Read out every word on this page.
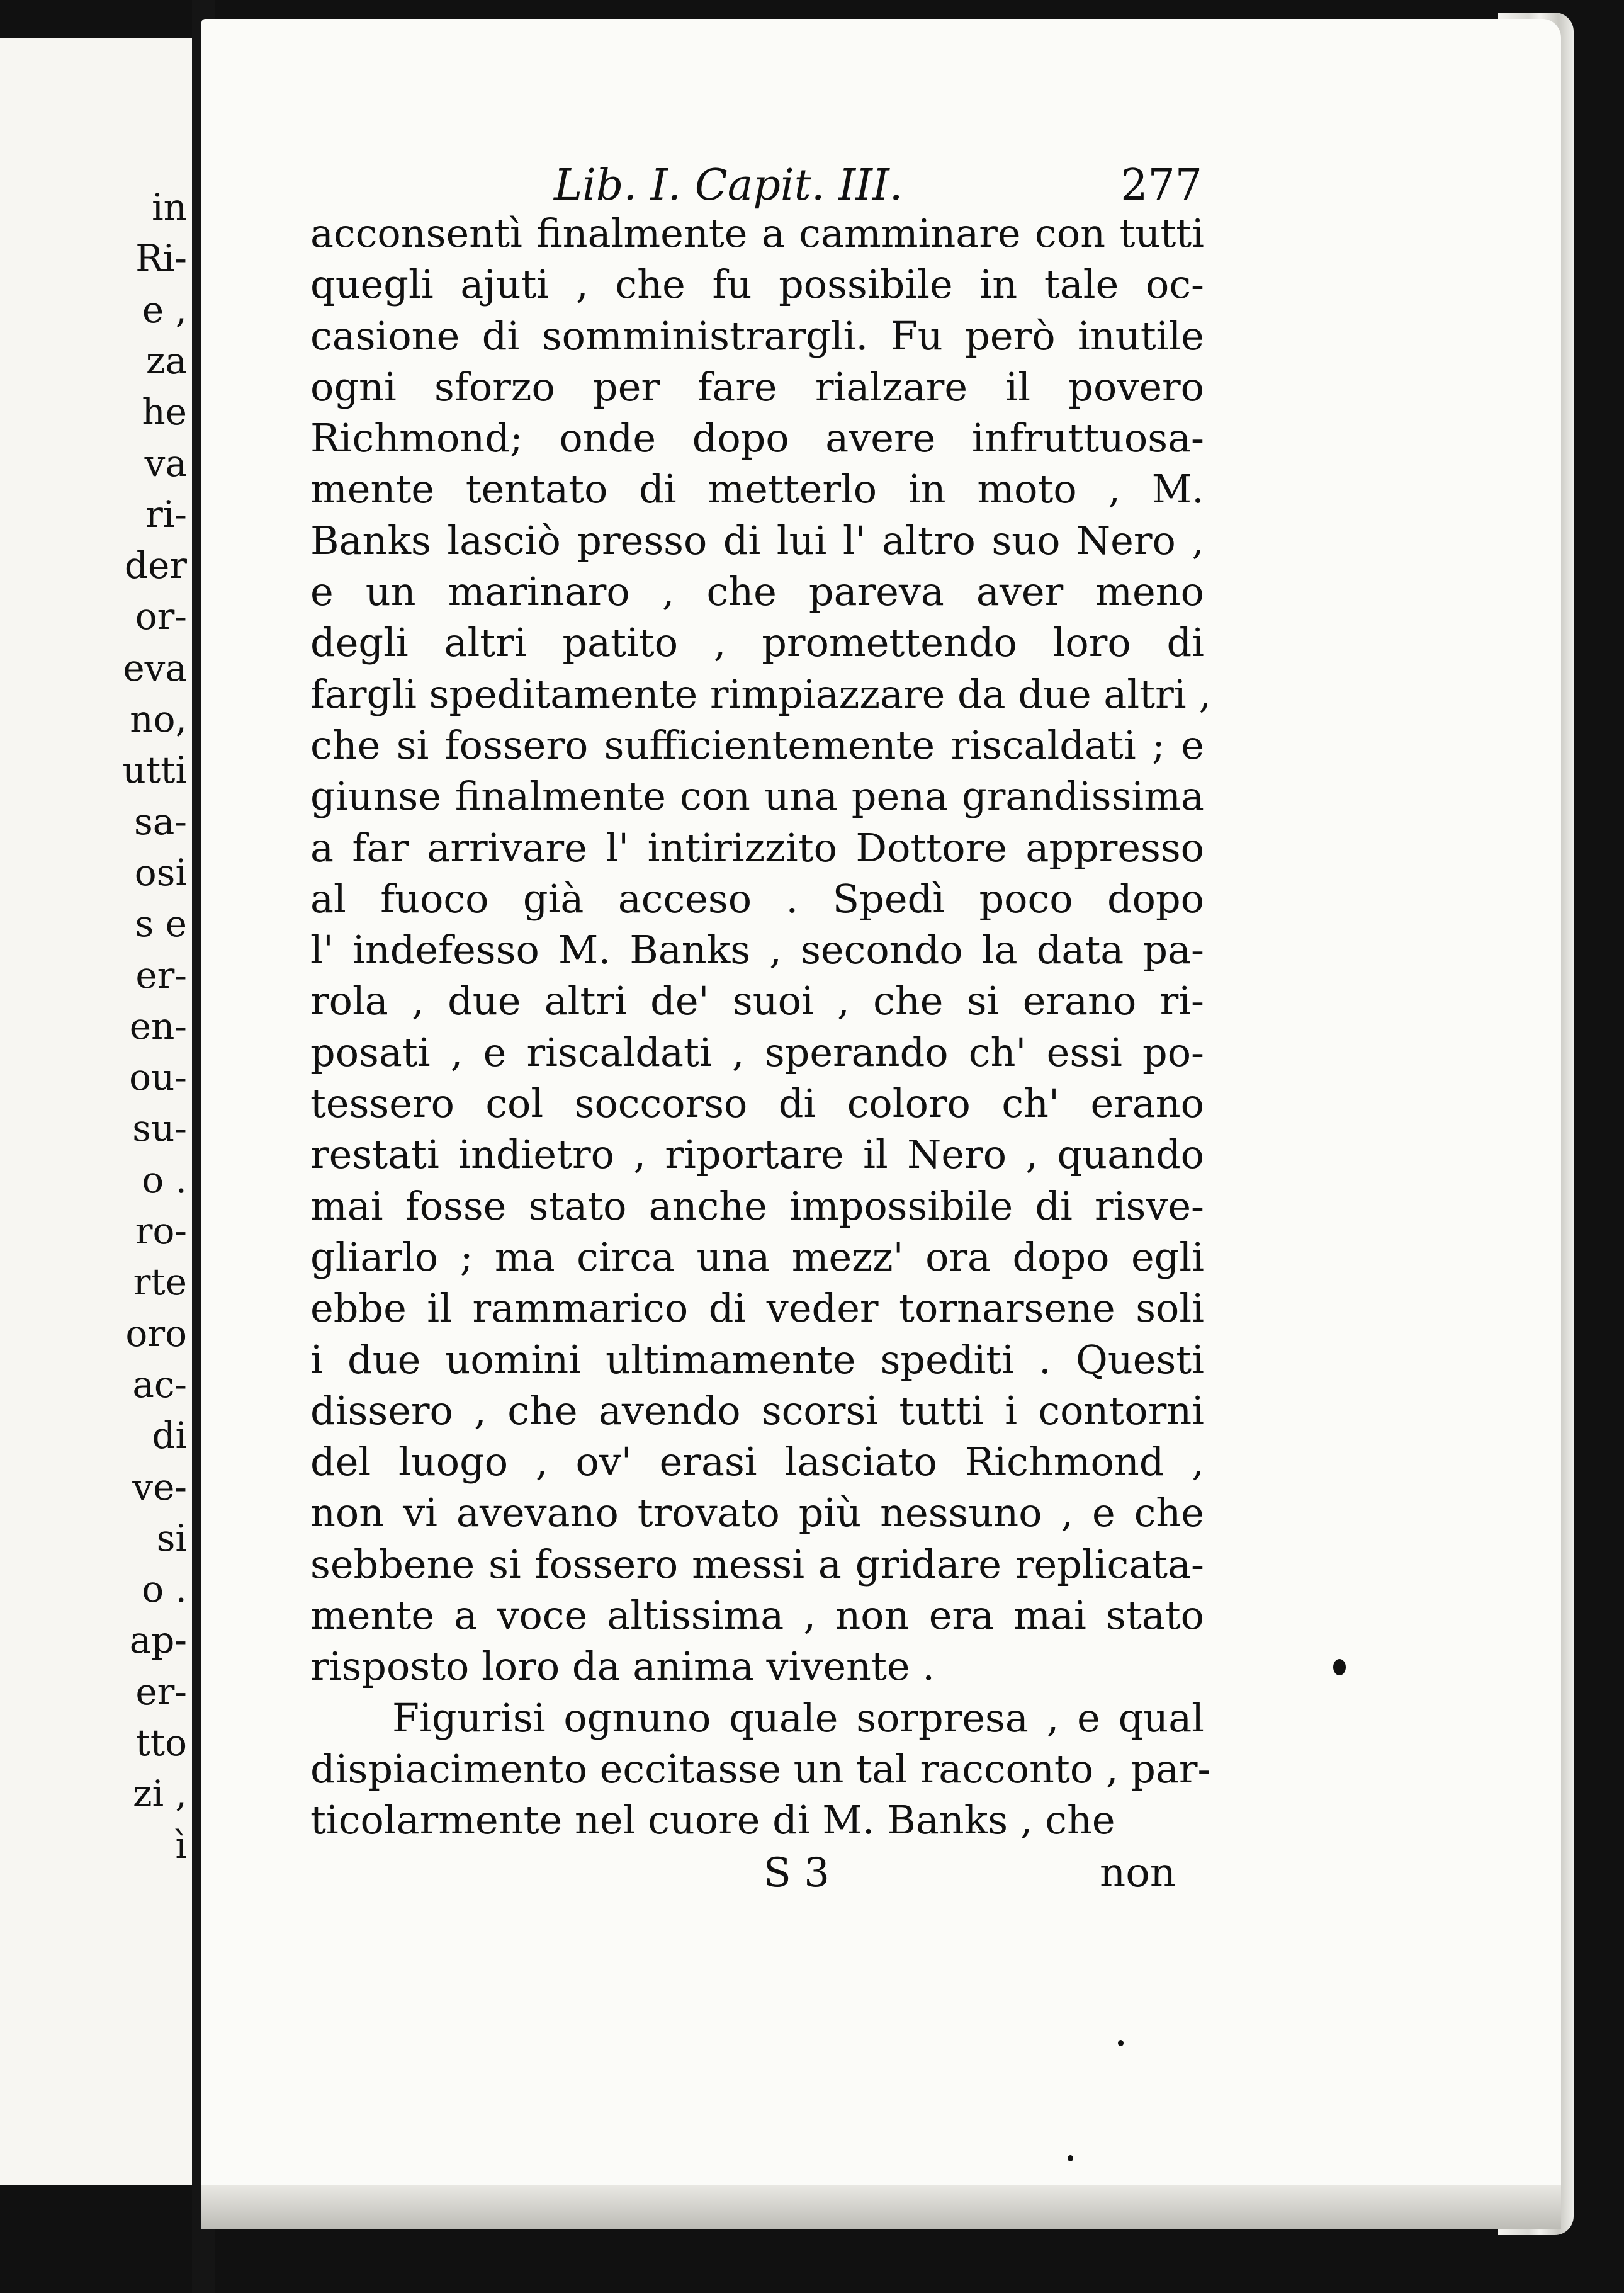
in
Ri-
e ,
za
he
va
ri-
der
or-
eva
no,
utti
sa-
osi
s e
er-
en-
ou-
su-
o .
ro-
rte
oro
ac-
di
ve-
si
o .
ap-
er-
tto
zi ,
ì
Lib. I. Capit. III.	277
acconsentì finalmente a camminare con tutti
quegli ajuti , che fu possibile in tale oc-
casione di somministrargli. Fu però inutile
ogni sforzo per fare rialzare il povero
Richmond; onde dopo avere infruttuosa-
mente tentato di metterlo in moto , M.
Banks lasciò presso di lui l' altro suo Nero ,
e un marinaro , che pareva aver meno
degli altri patito , promettendo loro di
fargli speditamente rimpiazzare da due altri ,
che si fossero sufficientemente riscaldati ; e
giunse finalmente con una pena grandissima
a far arrivare l' intirizzito Dottore appresso
al fuoco già acceso . Spedì poco dopo
l' indefesso M. Banks , secondo la data pa-
rola , due altri de' suoi , che si erano ri-
posati , e riscaldati , sperando ch' essi po-
tessero col soccorso di coloro ch' erano
restati indietro , riportare il Nero , quando
mai fosse stato anche impossibile di risve-
gliarlo ; ma circa una mezz' ora dopo egli
ebbe il rammarico di veder tornarsene soli
i due uomini ultimamente spediti . Questi
dissero , che avendo scorsi tutti i contorni
del luogo , ov' erasi lasciato Richmond ,
non vi avevano trovato più nessuno , e che
sebbene si fossero messi a gridare replicata-
mente a voce altissima , non era mai stato
risposto loro da anima vivente .
Figurisi ognuno quale sorpresa , e qual
dispiacimento eccitasse un tal racconto , par-
ticolarmente nel cuore di M. Banks , che
S 3	non
